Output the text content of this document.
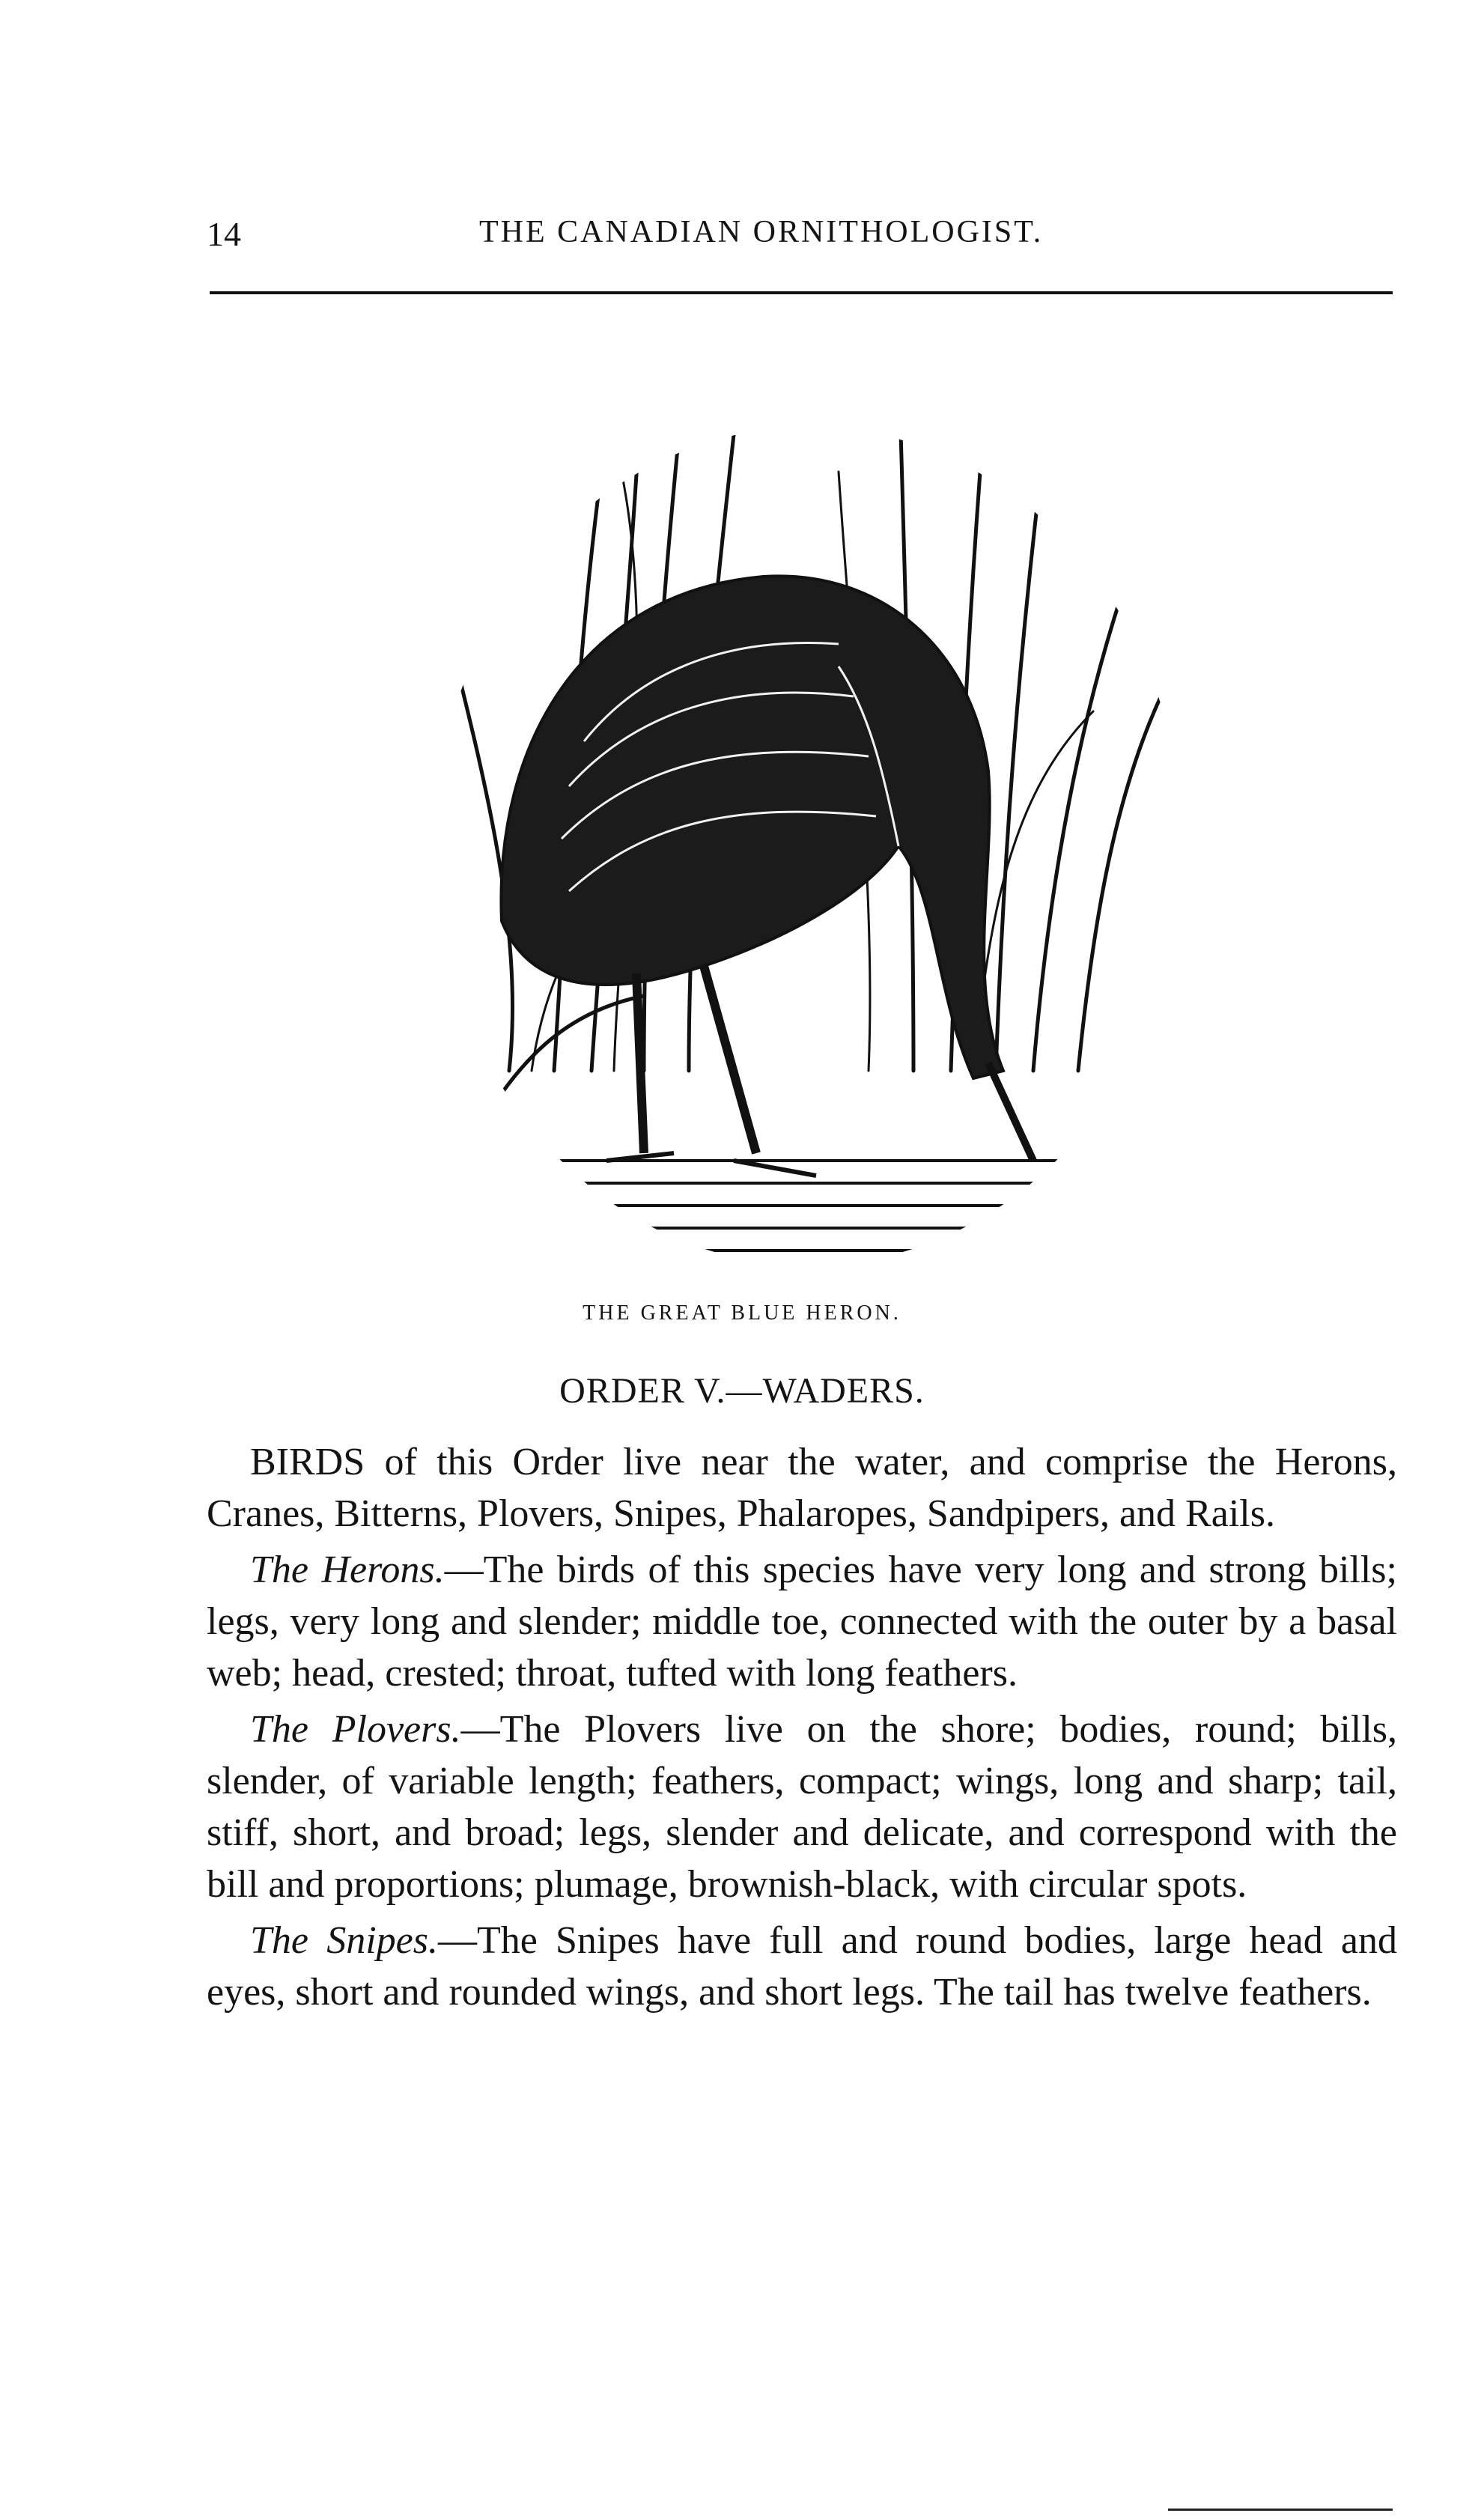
14	THE CANADIAN ORNITHOLOGIST.
THE GREAT BLUE HERON.
ORDER V.—WADERS.

BIRDS of this Order live near the water, and comprise the Herons, Cranes, Bitterns, Plovers, Snipes, Phalaropes, Sandpipers, and Rails.

The Herons.—The birds of this species have very long and strong bills; legs, very long and slender; middle toe, connected with the outer by a basal web; head, crested; throat, tufted with long feathers.

The Plovers.—The Plovers live on the shore; bodies, round; bills, slender, of variable length; feathers, compact; wings, long and sharp; tail, stiff, short, and broad; legs, slender and delicate, and correspond with the bill and proportions; plumage, brownish-black, with circular spots.

The Snipes.—The Snipes have full and round bodies, large head and eyes, short and rounded wings, and short legs. The tail has twelve feathers.
